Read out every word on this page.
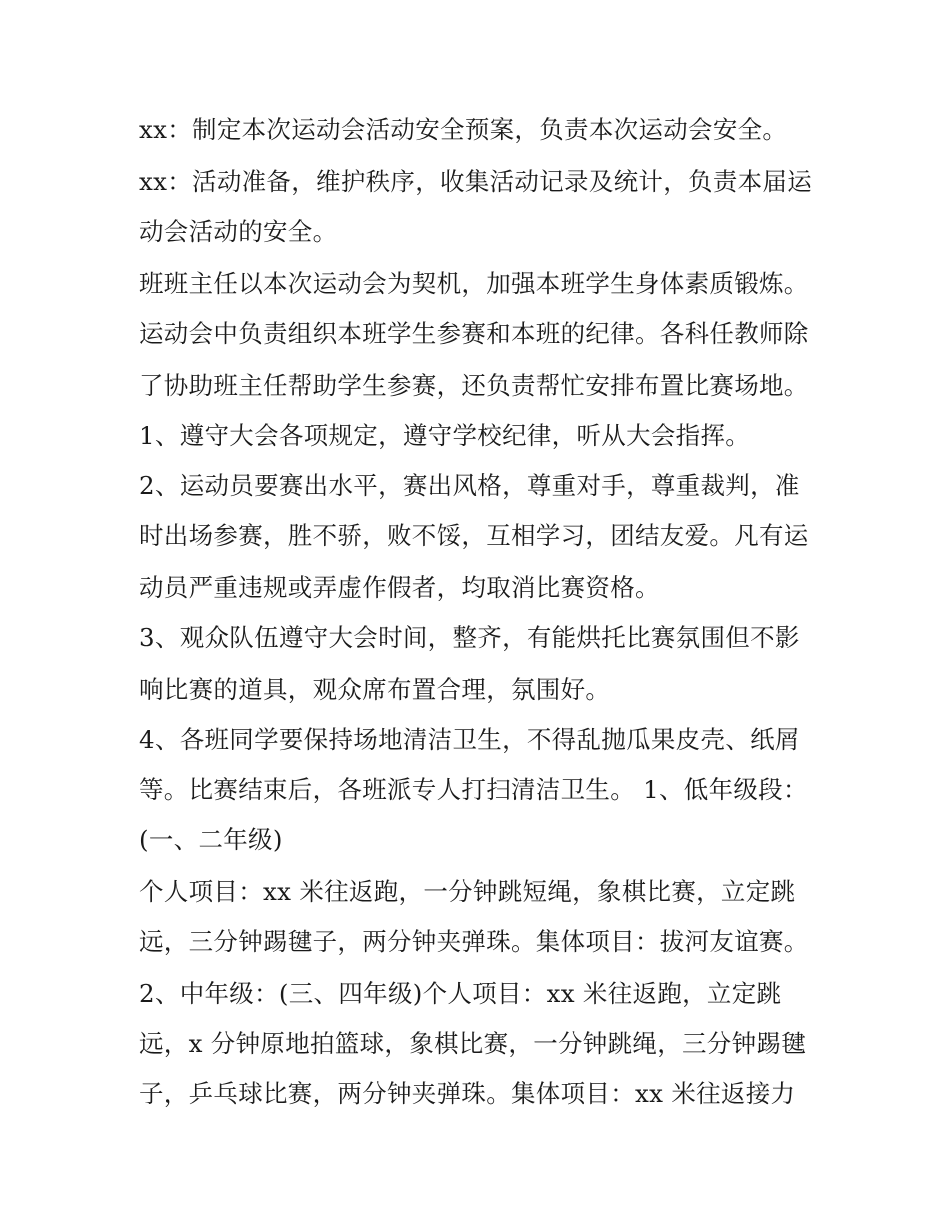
xx：制定本次运动会活动安全预案，负责本次运动会安全。
xx：活动准备，维护秩序，收集活动记录及统计，负责本届运
动会活动的安全。
班班主任以本次运动会为契机，加强本班学生身体素质锻炼。
运动会中负责组织本班学生参赛和本班的纪律。各科任教师除
了协助班主任帮助学生参赛，还负责帮忙安排布置比赛场地。
1、遵守大会各项规定，遵守学校纪律，听从大会指挥。
2、运动员要赛出水平，赛出风格，尊重对手，尊重裁判，准
时出场参赛，胜不骄，败不馁，互相学习，团结友爱。凡有运
动员严重违规或弄虚作假者，均取消比赛资格。
3、观众队伍遵守大会时间，整齐，有能烘托比赛氛围但不影
响比赛的道具，观众席布置合理，氛围好。
4、各班同学要保持场地清洁卫生，不得乱抛瓜果皮壳、纸屑
等。比赛结束后，各班派专人打扫清洁卫生。 1、低年级段：
(一、二年级)
个人项目：xx 米往返跑，一分钟跳短绳，象棋比赛，立定跳
远，三分钟踢毽子，两分钟夹弹珠。集体项目：拔河友谊赛。
2、中年级：(三、四年级)个人项目：xx 米往返跑，立定跳
远，x 分钟原地拍篮球，象棋比赛，一分钟跳绳，三分钟踢毽
子，乒乓球比赛，两分钟夹弹珠。集体项目：xx 米往返接力
